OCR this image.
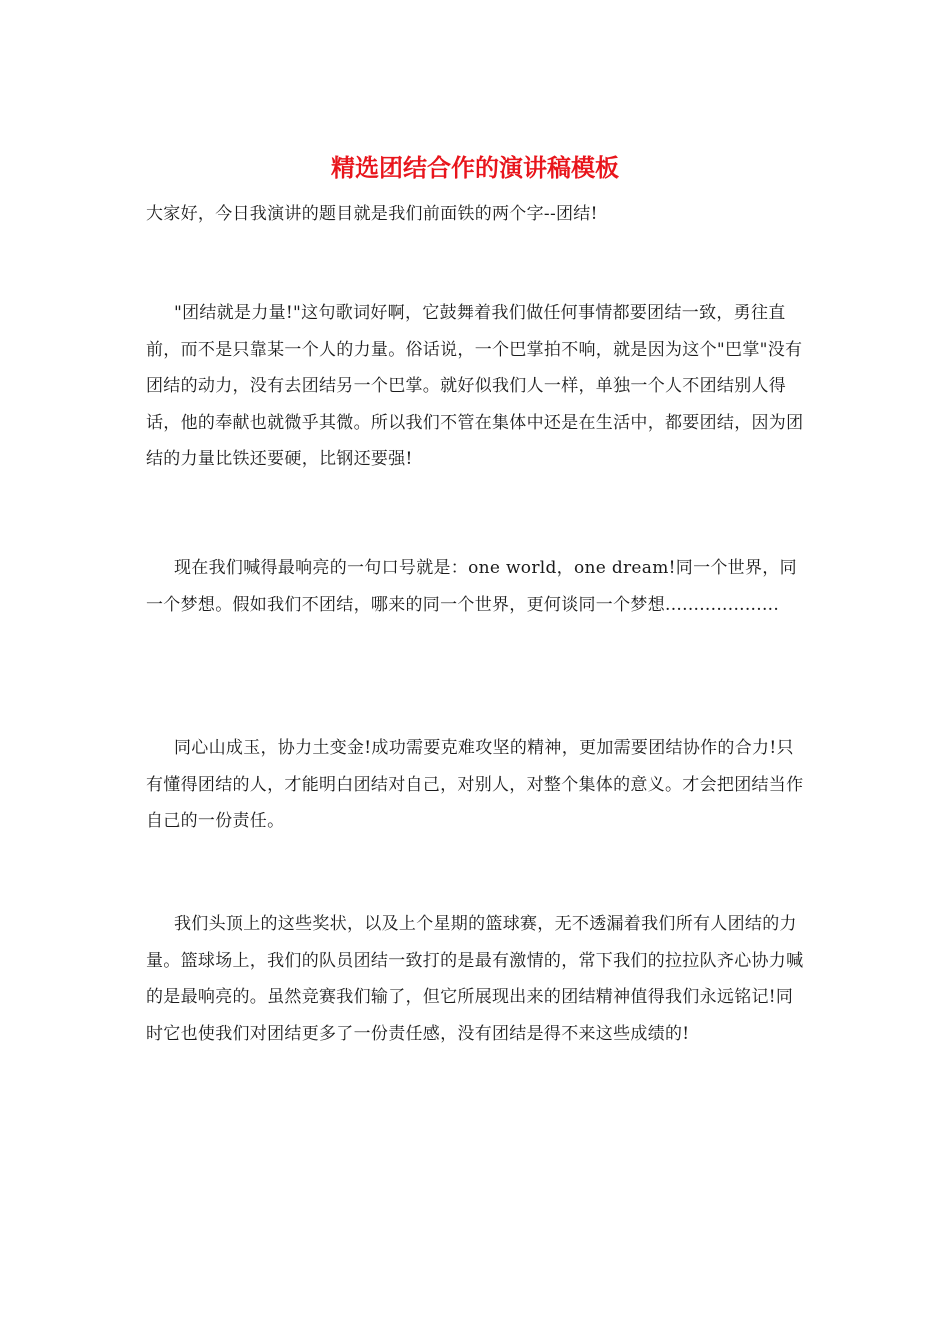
精选团结合作的演讲稿模板

大家好，今日我演讲的题目就是我们前面铁的两个字--团结!

"团结就是力量!"这句歌词好啊，它鼓舞着我们做任何事情都要团结一致，勇往直前，而不是只靠某一个人的力量。俗话说，一个巴掌拍不响，就是因为这个"巴掌"没有团结的动力，没有去团结另一个巴掌。就好似我们人一样，单独一个人不团结别人得话，他的奉献也就微乎其微。所以我们不管在集体中还是在生活中，都要团结，因为团结的力量比铁还要硬，比钢还要强!

现在我们喊得最响亮的一句口号就是：one world，one dream!同一个世界，同一个梦想。假如我们不团结，哪来的同一个世界，更何谈同一个梦想....................

同心山成玉，协力土变金!成功需要克难攻坚的精神，更加需要团结协作的合力!只有懂得团结的人，才能明白团结对自己，对别人，对整个集体的意义。才会把团结当作自己的一份责任。

我们头顶上的这些奖状，以及上个星期的篮球赛，无不透漏着我们所有人团结的力量。篮球场上，我们的队员团结一致打的是最有激情的，常下我们的拉拉队齐心协力喊的是最响亮的。虽然竞赛我们输了，但它所展现出来的团结精神值得我们永远铭记!同时它也使我们对团结更多了一份责任感，没有团结是得不来这些成绩的!
